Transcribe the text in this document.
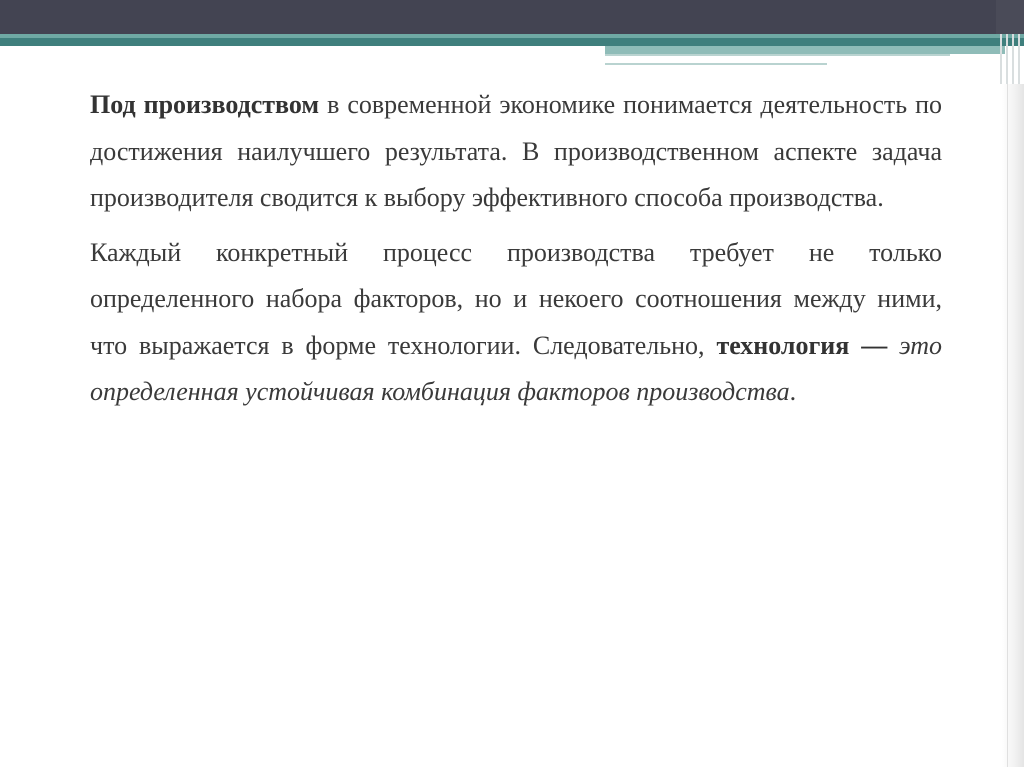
Под производством в современной экономике понимается деятельность по достижения наилучшего результата. В производственном аспекте задача производителя сводится к выбору эффективного способа производства.

Каждый конкретный процесс производства требует не только определенного набора факторов, но и некоего соотношения между ними, что выражается в форме технологии. Следовательно, технология — это определенная устойчивая комбинация факторов производства.
